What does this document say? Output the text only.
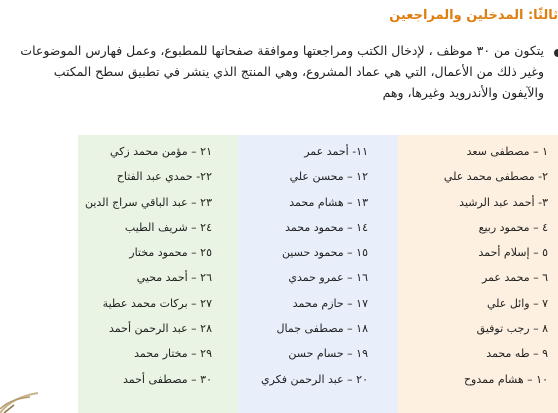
ثالثًا: المدخلين والمراجعين

يتكون من ٣٠ موظف ، لإدخال الكتب ومراجعتها وموافقة صفحاتها للمطبوع، وعمل فهارس الموضوعات

وغير ذلك من الأعمال، التي هي عماد المشروع، وهي المنتج الذي ينشر في تطبيق سطح المكتب

والآيفون والأندرويد وغيرها، وهم

١ – مصطفى سعد
٢- مصطفى محمد علي
٣- أحمد عبد الرشيد
٤ – محمود ربيع
٥ – إسلام أحمد
٦ – محمد عمر
٧ – وائل علي
٨ – رجب توفيق
٩ – طه محمد
١٠ – هشام ممدوح
١١- أحمد عمر
١٢ – محسن علي
١٣ – هشام محمد
١٤ – محمود محمد
١٥ – محمود حسين
١٦ – عمرو حمدي
١٧ – حازم محمد
١٨ – مصطفى جمال
١٩ – حسام حسن
٢٠ – عبد الرحمن فكري
٢١ – مؤمن محمد زكي
٢٢- حمدي عبد الفتاح
٢٣ – عبد الباقي سراج الدين
٢٤ – شريف الطيب
٢٥ – محمود مختار
٢٦ – أحمد محيي
٢٧ – بركات محمد عطية
٢٨ – عبد الرحمن أحمد
٢٩ – مختار محمد
٣٠ – مصطفى أحمد
